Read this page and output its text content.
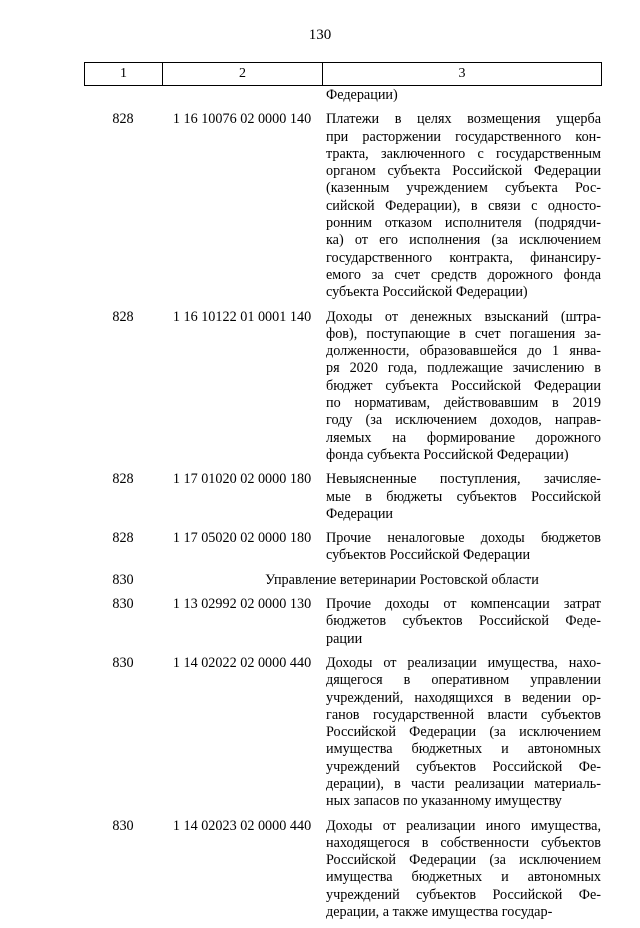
130
1	2	3
Федерации)
828	1 16 10076 02 0000 140	Платежи в целях возмещения ущерба
при расторжении государственного кон-
тракта, заключенного с государственным
органом субъекта Российской Федерации
(казенным учреждением субъекта Рос-
сийской Федерации), в связи с односто-
ронним отказом исполнителя (подрядчи-
ка) от его исполнения (за исключением
государственного контракта, финансиру-
емого за счет средств дорожного фонда
субъекта Российской Федерации)
828	1 16 10122 01 0001 140	Доходы от денежных взысканий (штра-
фов), поступающие в счет погашения за-
долженности, образовавшейся до 1 янва-
ря 2020 года, подлежащие зачислению в
бюджет субъекта Российской Федерации
по нормативам, действовавшим в 2019
году (за исключением доходов, направ-
ляемых на формирование дорожного
фонда субъекта Российской Федерации)
828	1 17 01020 02 0000 180	Невыясненные поступления, зачисляе-
мые в бюджеты субъектов Российской
Федерации
828	1 17 05020 02 0000 180	Прочие неналоговые доходы бюджетов
субъектов Российской Федерации
830	Управление ветеринарии Ростовской области
830	1 13 02992 02 0000 130	Прочие доходы от компенсации затрат
бюджетов субъектов Российской Феде-
рации
830	1 14 02022 02 0000 440	Доходы от реализации имущества, нахо-
дящегося в оперативном управлении
учреждений, находящихся в ведении ор-
ганов государственной власти субъектов
Российской Федерации (за исключением
имущества бюджетных и автономных
учреждений субъектов Российской Фе-
дерации), в части реализации материаль-
ных запасов по указанному имуществу
830	1 14 02023 02 0000 440	Доходы от реализации иного имущества,
находящегося в собственности субъектов
Российской Федерации (за исключением
имущества бюджетных и автономных
учреждений субъектов Российской Фе-
дерации, а также имущества государ-
